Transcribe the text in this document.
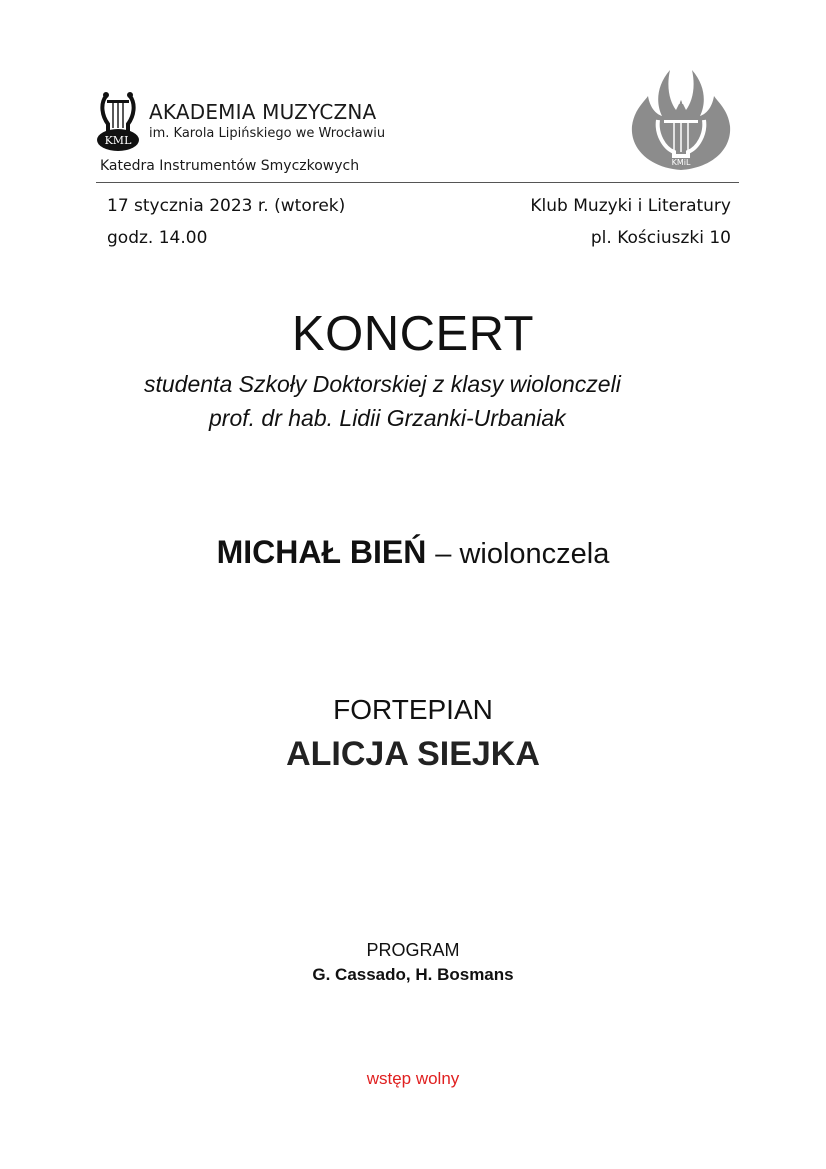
KML
AKADEMIA MUZYCZNA
im. Karola Lipińskiego we Wrocławiu
Katedra Instrumentów Smyczkowych
W
KMiL
17 stycznia 2023 r. (wtorek)
godz. 14.00
Klub Muzyki i Literatury
pl. Kościuszki 10
KONCERT
studenta Szkoły Doktorskiej z klasy wiolonczeli
prof. dr hab. Lidii Grzanki-Urbaniak
MICHAŁ BIEŃ – wiolonczela
FORTEPIAN
ALICJA SIEJKA
PROGRAM
G. Cassado, H. Bosmans
wstęp wolny
